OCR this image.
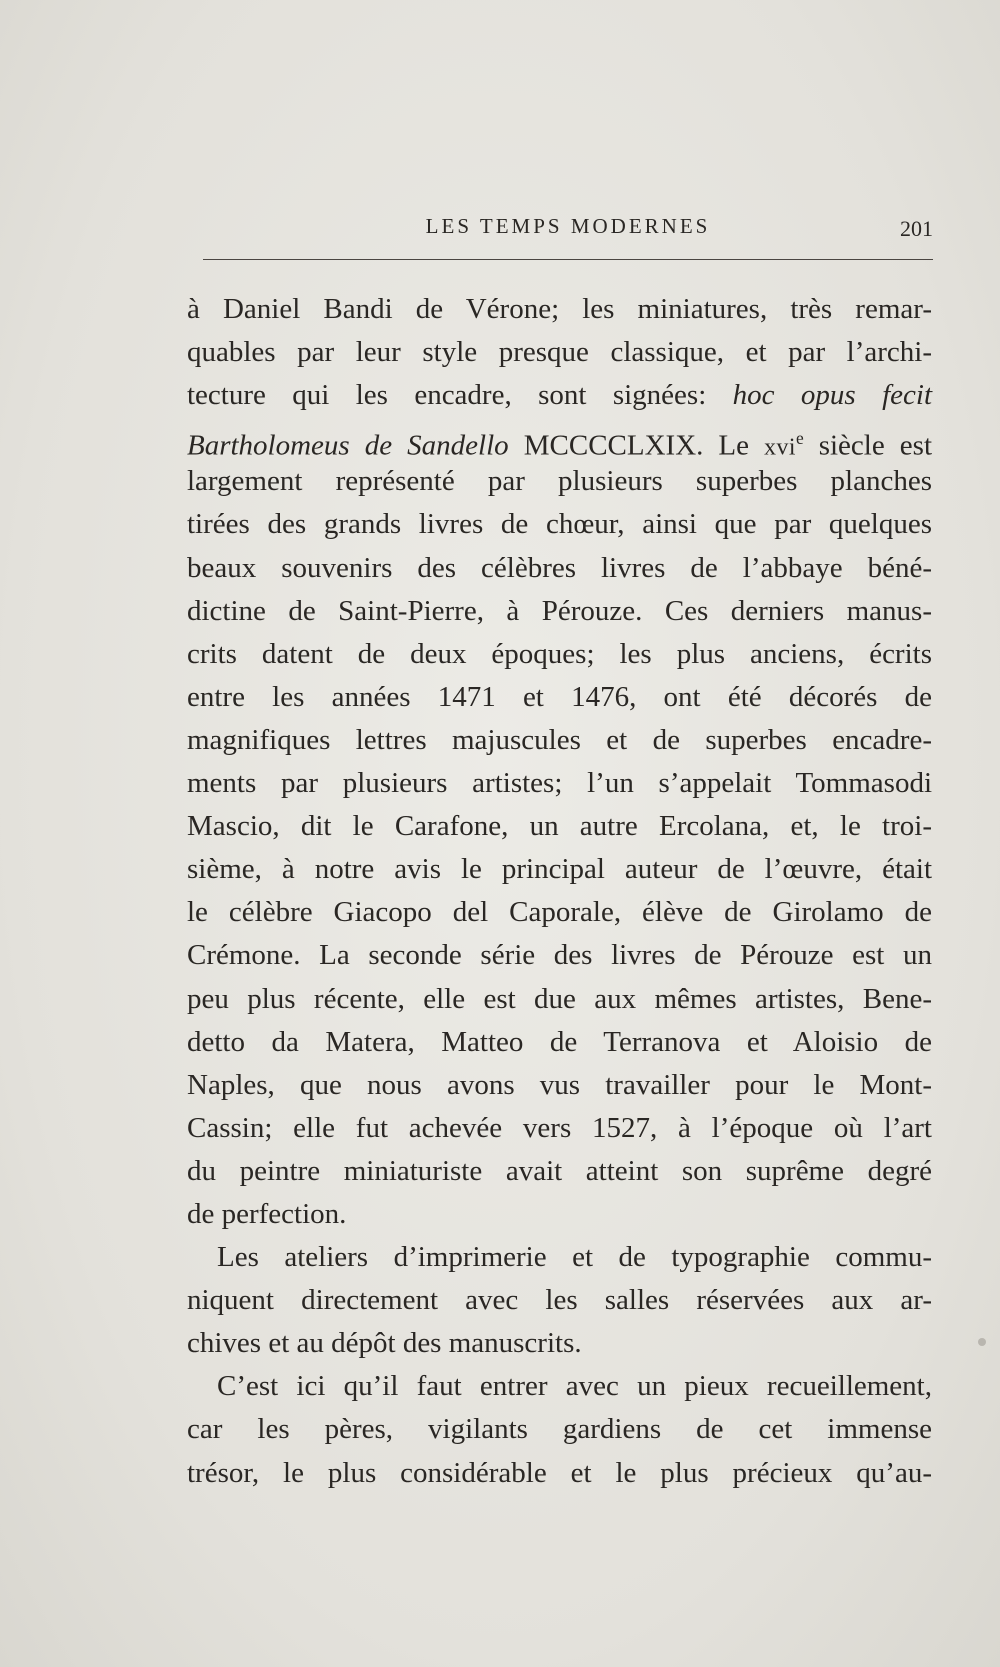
LES TEMPS MODERNES	201
à Daniel Bandi de Vérone; les miniatures, très remar-
quables par leur style presque classique, et par l’archi-
tecture qui les encadre, sont signées: hoc opus fecit
Bartholomeus de Sandello MCCCCLXIX. Le xvi$^e$ siècle est
largement représenté par plusieurs superbes planches
tirées des grands livres de chœur, ainsi que par quelques
beaux souvenirs des célèbres livres de l’abbaye béné-
dictine de Saint-Pierre, à Pérouze. Ces derniers manus-
crits datent de deux époques; les plus anciens, écrits
entre les années 1471 et 1476, ont été décorés de
magnifiques lettres majuscules et de superbes encadre-
ments par plusieurs artistes; l’un s’appelait Tommasodi
Mascio, dit le Carafone, un autre Ercolana, et, le troi-
sième, à notre avis le principal auteur de l’œuvre, était
le célèbre Giacopo del Caporale, élève de Girolamo de
Crémone. La seconde série des livres de Pérouze est un
peu plus récente, elle est due aux mêmes artistes, Bene-
detto da Matera, Matteo de Terranova et Aloisio de
Naples, que nous avons vus travailler pour le Mont-
Cassin; elle fut achevée vers 1527, à l’époque où l’art
du peintre miniaturiste avait atteint son suprême degré
de perfection.
Les ateliers d’imprimerie et de typographie commu-
niquent directement avec les salles réservées aux ar-
chives et au dépôt des manuscrits.
C’est ici qu’il faut entrer avec un pieux recueillement,
car les pères, vigilants gardiens de cet immense
trésor, le plus considérable et le plus précieux qu’au-
